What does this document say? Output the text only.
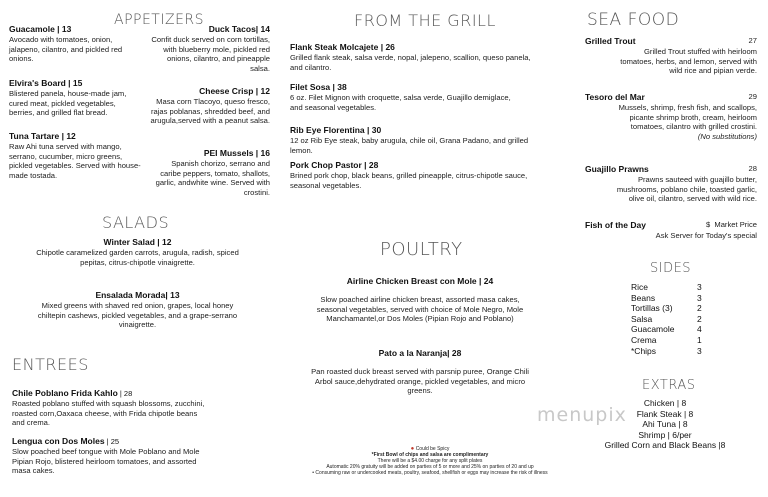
APPETIZERS
Guacamole | 13
Avocado with tomatoes, onion, jalapeno, cilantro, and pickled red onions.
Duck Tacos| 14
Confit duck served on corn tortillas, with blueberry mole, pickled red onions, cilantro, and pineapple salsa.
Elvira's Board | 15
Blistered panela, house-made jam, cured meat, pickled vegetables, berries, and grilled flat bread.
Cheese Crisp | 12
Masa corn Tlacoyo, queso fresco, rajas poblanas, shredded beef, and arugula,served with a peanut salsa.
Tuna Tartare | 12
Raw Ahi tuna served with mango, serrano, cucumber, micro greens, pickled vegetables. Served with house-made tostada.
PEI Mussels | 16
Spanish chorizo, serrano and caribe peppers, tomato, shallots, garlic, andwhite wine. Served with crostini.
SALADS
Winter Salad | 12
Chipotle caramelized garden carrots, arugula, radish, spiced pepitas, citrus-chipotle vinaigrette.
Ensalada Morada| 13
Mixed greens with shaved red onion, grapes, local honey chiltepin cashews, pickled vegetables, and a grape-serrano vinaigrette.
ENTREES
Chile Poblano Frida Kahlo | 28
Roasted poblano stuffed with squash blossoms, zucchini, roasted corn,Oaxaca cheese, with Frida chipotle beans and crema.
Lengua con Dos Moles | 25
Slow poached beef tongue with Mole Poblano and Mole Pipian Rojo, blistered heirloom tomatoes, and assorted masa cakes.
FROM THE GRILL
Flank Steak Molcajete | 26
Grilled flank steak, salsa verde, nopal, jalepeno, scallion, queso panela, and cilantro.
Filet Sosa | 38
6 oz. Filet Mignon with croquette, salsa verde, Guajillo demiglace, and seasonal vegetables.
Rib Eye Florentina | 30
12 oz Rib Eye steak, baby arugula, chile oil, Grana Padano, and grilled lemon.
Pork Chop Pastor | 28
Brined pork chop, black beans, grilled pineapple, citrus-chipotle sauce, seasonal vegetables.
POULTRY
Airline Chicken Breast con Mole | 24
Slow poached airline chicken breast, assorted masa cakes, seasonal vegetables, served with choice of Mole Negro, Mole Manchamantel,or Dos Moles (Pipian Rojo and Poblano)
Pato a la Naranja| 28
Pan roasted duck breast served with parsnip puree, Orange Chili Arbol sauce,dehydrated orange, pickled vegetables, and micro greens.
SEA FOOD
Grilled Trout	27
Grilled Trout stuffed with heirloom tomatoes, herbs, and lemon, served with wild rice and pipian verde.
Tesoro del Mar	29
Mussels, shrimp, fresh fish, and scallops, picante shrimp broth, cream, heirloom tomatoes, cilantro with grilled crostini.
(No substitutions)
Guajillo Prawns	28
Prawns sauteed with guajillo butter, mushrooms, poblano chile, toasted garlic, olive oil, cilantro, served with wild rice.
Fish of the Day	$  Market Price
Ask Server for Today's special
SIDES
Rice	3
Beans	3
Tortillas (3)	2
Salsa	2
Guacamole	4
Crema	1
*Chips	3
EXTRAS
Chicken | 8
Flank Steak | 8
Ahi Tuna | 8
Shrimp | 6/per
Grilled Corn and Black Beans |8
menupix
● Could be Spicy
*First Bowl of chips and salsa are complimentary
There will be a $4.00 charge for any split plates
Automatic 20% gratuity will be added on parties of 5 or more and 25% on parties of 20 and up
• Consuming raw or undercooked meats, poultry, seafood, shellfish or eggs may increase the risk of illness
